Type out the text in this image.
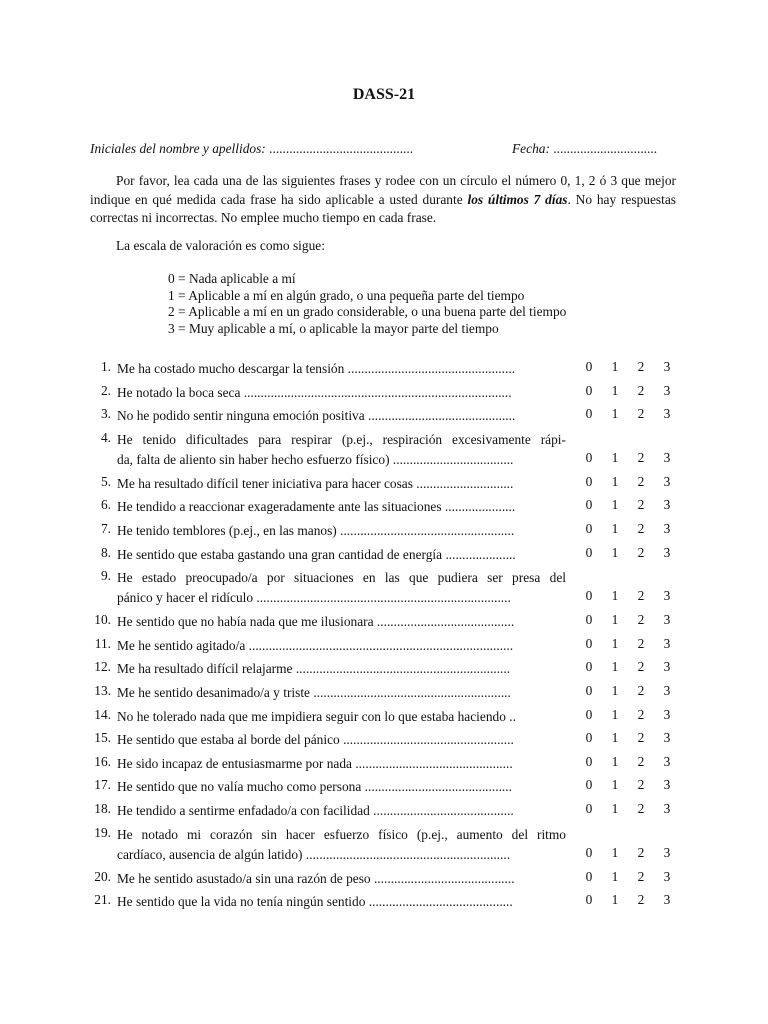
DASS-21
Iniciales del nombre y apellidos: ...........................................	Fecha: ...............................

Por favor, lea cada una de las siguientes frases y rodee con un círculo el número 0, 1, 2 ó 3 que mejor indique en qué medida cada frase ha sido aplicable a usted durante los últimos 7 días. No hay respuestas correctas ni incorrectas. No emplee mucho tiempo en cada frase.

La escala de valoración es como sigue:
0 = Nada aplicable a mí
1 = Aplicable a mí en algún grado, o una pequeña parte del tiempo
2 = Aplicable a mí en un grado considerable, o una buena parte del tiempo
3 = Muy aplicable a mí, o aplicable la mayor parte del tiempo
1. Me ha costado mucho descargar la tensión ..................................................	0 1 2 3
2. He notado la boca seca ................................................................................	0 1 2 3
3. No he podido sentir ninguna emoción positiva ............................................	0 1 2 3
4. He tenido dificultades para respirar (p.ej., respiración excesivamente rápi-
da, falta de aliento sin haber hecho esfuerzo físico) ....................................	0 1 2 3
5. Me ha resultado difícil tener iniciativa para hacer cosas .............................	0 1 2 3
6. He tendido a reaccionar exageradamente ante las situaciones .....................	0 1 2 3
7. He tenido temblores (p.ej., en las manos) ....................................................	0 1 2 3
8. He sentido que estaba gastando una gran cantidad de energía .....................	0 1 2 3
9. He estado preocupado/a por situaciones en las que pudiera ser presa del
pánico y hacer el ridículo ............................................................................	0 1 2 3
10. He sentido que no había nada que me ilusionara .........................................	0 1 2 3
11. Me he sentido agitado/a ...............................................................................	0 1 2 3
12. Me ha resultado difícil relajarme ................................................................	0 1 2 3
13. Me he sentido desanimado/a y triste ...........................................................	0 1 2 3
14. No he tolerado nada que me impidiera seguir con lo que estaba haciendo ..	0 1 2 3
15. He sentido que estaba al borde del pánico ...................................................	0 1 2 3
16. He sido incapaz de entusiasmarme por nada ...............................................	0 1 2 3
17. He sentido que no valía mucho como persona ............................................	0 1 2 3
18. He tendido a sentirme enfadado/a con facilidad ..........................................	0 1 2 3
19. He notado mi corazón sin hacer esfuerzo físico (p.ej., aumento del ritmo
cardíaco, ausencia de algún latido) .............................................................	0 1 2 3
20. Me he sentido asustado/a sin una razón de peso ..........................................	0 1 2 3
21. He sentido que la vida no tenía ningún sentido ...........................................	0 1 2 3
